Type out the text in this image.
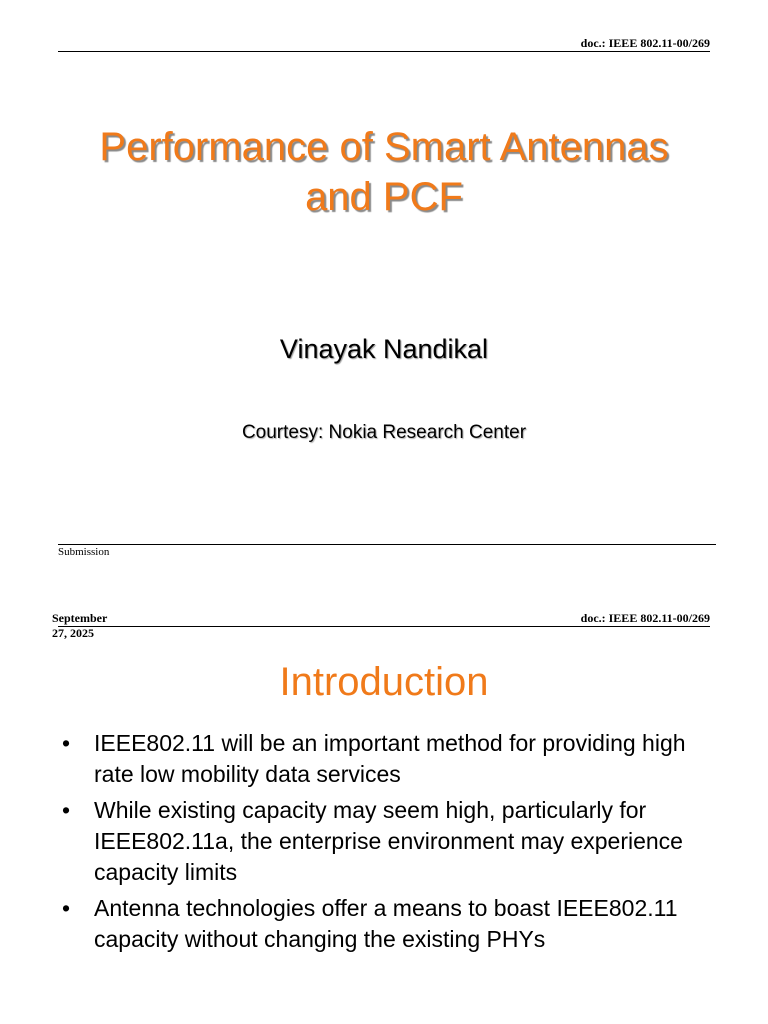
doc.: IEEE 802.11-00/269
Performance of Smart Antennas
and PCF
Vinayak Nandikal
Courtesy: Nokia Research Center
Submission
September 27, 2025
doc.: IEEE 802.11-00/269
Introduction
• IEEE802.11 will be an important method for providing high rate low mobility data services
• While existing capacity may seem high, particularly for IEEE802.11a, the enterprise environment may experience capacity limits
• Antenna technologies offer a means to boast IEEE802.11 capacity without changing the existing PHYs
